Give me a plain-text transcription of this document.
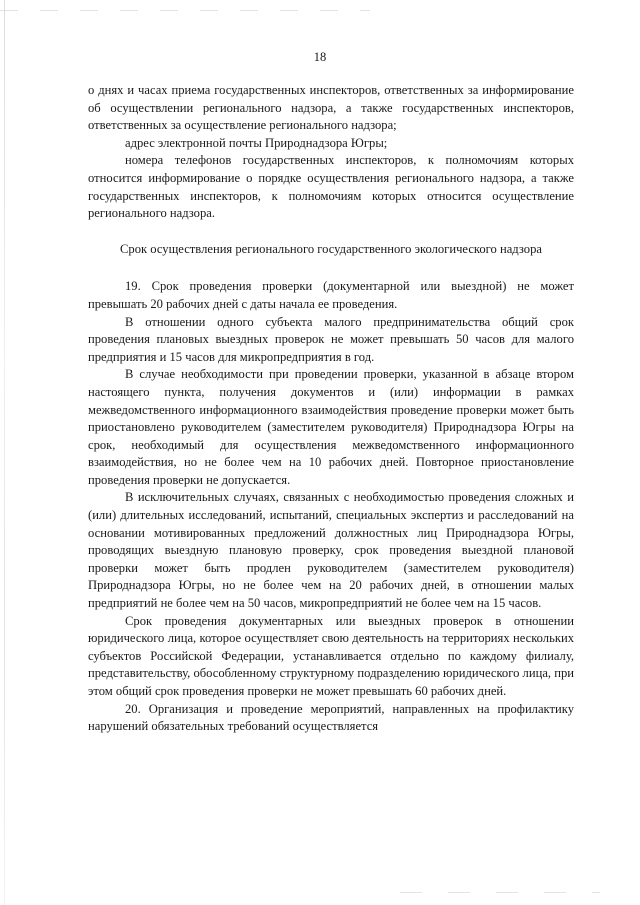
18

о днях и часах приема государственных инспекторов, ответственных за информирование об осуществлении регионального надзора, а также государственных инспекторов, ответственных за осуществление регионального надзора;

адрес электронной почты Природнадзора Югры;

номера телефонов государственных инспекторов, к полномочиям которых относится информирование о порядке осуществления регионального надзора, а также государственных инспекторов, к полномочиям которых относится осуществление регионального надзора.

Срок осуществления регионального государственного экологического надзора

19. Срок проведения проверки (документарной или выездной) не может превышать 20 рабочих дней с даты начала ее проведения.

В отношении одного субъекта малого предпринимательства общий срок проведения плановых выездных проверок не может превышать 50 часов для малого предприятия и 15 часов для микропредприятия в год.

В случае необходимости при проведении проверки, указанной в абзаце втором настоящего пункта, получения документов и (или) информации в рамках межведомственного информационного взаимодействия проведение проверки может быть приостановлено руководителем (заместителем руководителя) Природнадзора Югры на срок, необходимый для осуществления межведомственного информационного взаимодействия, но не более чем на 10 рабочих дней. Повторное приостановление проведения проверки не допускается.

В исключительных случаях, связанных с необходимостью проведения сложных и (или) длительных исследований, испытаний, специальных экспертиз и расследований на основании мотивированных предложений должностных лиц Природнадзора Югры, проводящих выездную плановую проверку, срок проведения выездной плановой проверки может быть продлен руководителем (заместителем руководителя) Природнадзора Югры, но не более чем на 20 рабочих дней, в отношении малых предприятий не более чем на 50 часов, микропредприятий не более чем на 15 часов.

Срок проведения документарных или выездных проверок в отношении юридического лица, которое осуществляет свою деятельность на территориях нескольких субъектов Российской Федерации, устанавливается отдельно по каждому филиалу, представительству, обособленному структурному подразделению юридического лица, при этом общий срок проведения проверки не может превышать 60 рабочих дней.

20. Организация и проведение мероприятий, направленных на профилактику нарушений обязательных требований осуществляется
